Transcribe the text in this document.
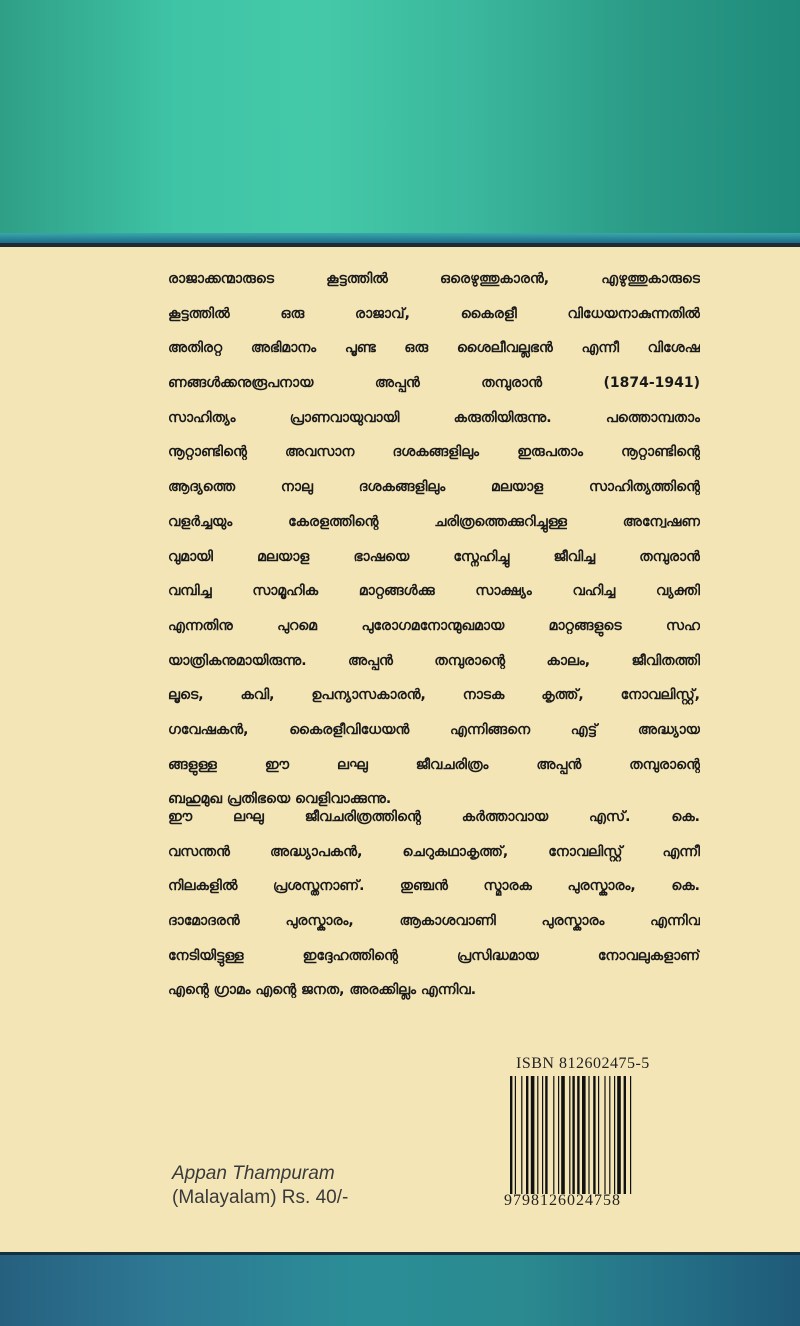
രാജാക്കന്മാരുടെ കൂട്ടത്തിൽ ഒരെഴുത്തുകാരൻ, എഴുത്തുകാരുടെ
കൂട്ടത്തിൽ ഒരു രാജാവ്, കൈരളീ വിധേയനാകുന്നതിൽ
അതിരറ്റ അഭിമാനം പൂണ്ട ഒരു ശൈലീവല്ലഭൻ എന്നീ വിശേഷ
ണങ്ങൾക്കനുരൂപനായ അപ്പൻ തമ്പുരാൻ (1874-1941)
സാഹിത്യം പ്രാണവായുവായി കരുതിയിരുന്നു. പത്തൊമ്പതാം
നൂറ്റാണ്ടിന്റെ അവസാന ദശകങ്ങളിലും ഇരുപതാം നൂറ്റാണ്ടിന്റെ
ആദ്യത്തെ നാലു ദശകങ്ങളിലും മലയാള സാഹിത്യത്തിന്റെ
വളർച്ചയും കേരളത്തിന്റെ ചരിത്രത്തെക്കുറിച്ചുള്ള അന്വേഷണ
വുമായി മലയാള ഭാഷയെ സ്നേഹിച്ചു ജീവിച്ച തമ്പുരാൻ
വമ്പിച്ച സാമൂഹിക മാറ്റങ്ങൾക്കു സാക്ഷ്യം വഹിച്ച വ്യക്തി
എന്നതിനു പുറമെ പുരോഗമനോന്മുഖമായ മാറ്റങ്ങളുടെ സഹ
യാത്രികനുമായിരുന്നു. അപ്പൻ തമ്പുരാന്റെ കാലം, ജീവിതത്തി
ലൂടെ, കവി, ഉപന്യാസകാരൻ, നാടക കൃത്ത്, നോവലിസ്റ്റ്,
ഗവേഷകൻ, കൈരളീവിധേയൻ എന്നിങ്ങനെ എട്ട് അദ്ധ്യായ
ങ്ങളുള്ള ഈ ലഘു ജീവചരിത്രം അപ്പൻ തമ്പുരാന്റെ
ബഹുമുഖ പ്രതിഭയെ വെളിവാക്കുന്നു.
ഈ ലഘു ജീവചരിത്രത്തിന്റെ കർത്താവായ എസ്. കെ.
വസന്തൻ അദ്ധ്യാപകൻ, ചെറുകഥാകൃത്ത്, നോവലിസ്റ്റ് എന്നീ
നിലകളിൽ പ്രശസ്തനാണ്. തുഞ്ചൻ സ്മാരക പുരസ്കാരം, കെ.
ദാമോദരൻ പുരസ്കാരം, ആകാശവാണി പുരസ്കാരം എന്നിവ
നേടിയിട്ടുള്ള ഇദ്ദേഹത്തിന്റെ പ്രസിദ്ധമായ നോവലുകളാണ്
എന്റെ ഗ്രാമം എന്റെ ജനത, അരക്കില്ലം എന്നിവ.
ISBN 812602475-5
9798126024758
Appan Thampuram
(Malayalam) Rs. 40/-
